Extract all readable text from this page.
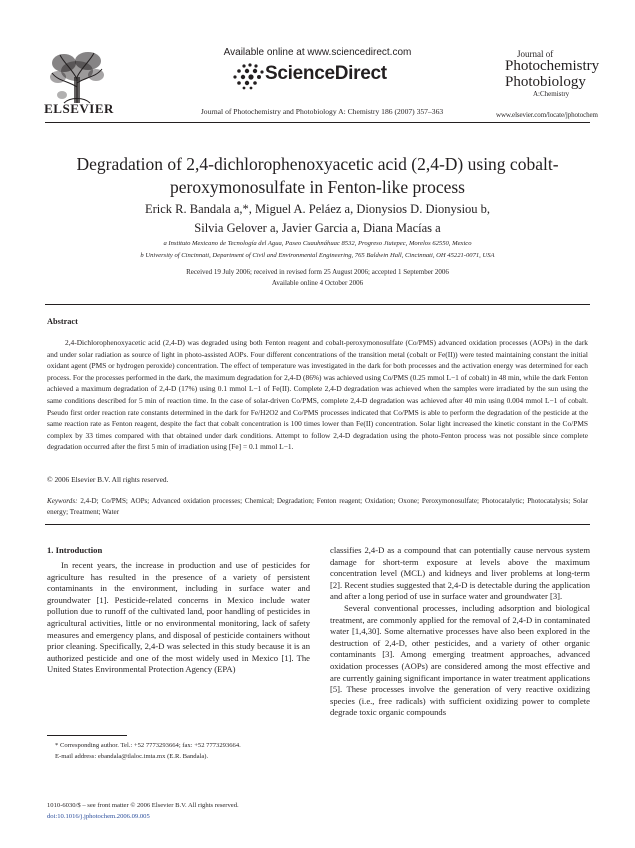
ELSEVIER
Available online at www.sciencedirect.com
ScienceDirect
Journal of Photochemistry and Photobiology A: Chemistry 186 (2007) 357–363
Journal of
Photochemistry
Photobiology
A:Chemistry
www.elsevier.com/locate/jphotochem
Degradation of 2,4-dichlorophenoxyacetic acid (2,4-D) using cobalt-peroxymonosulfate in Fenton-like process
Erick R. Bandala a,*, Miguel A. Peláez a, Dionysios D. Dionysiou b,
Silvia Gelover a, Javier Garcia a, Diana Macías a
a Instituto Mexicano de Tecnología del Agua, Paseo Cuauhnáhuac 8532, Progreso Jiutepec, Morelos 62550, Mexico
b University of Cincinnati, Department of Civil and Environmental Engineering, 765 Baldwin Hall, Cincinnati, OH 45221-0071, USA
Received 19 July 2006; received in revised form 25 August 2006; accepted 1 September 2006
Available online 4 October 2006
Abstract
2,4-Dichlorophenoxyacetic acid (2,4-D) was degraded using both Fenton reagent and cobalt-peroxymonosulfate (Co/PMS) advanced oxidation processes (AOPs) in the dark and under solar radiation as source of light in photo-assisted AOPs. Four different concentrations of the transition metal (cobalt or Fe(II)) were tested maintaining constant the initial oxidant agent (PMS or hydrogen peroxide) concentration. The effect of temperature was investigated in the dark for both processes and the activation energy was determined for each process. For the processes performed in the dark, the maximum degradation for 2,4-D (86%) was achieved using Co/PMS (0.25 mmol L−1 of cobalt) in 48 min, while the dark Fenton achieved a maximum degradation of 2,4-D (17%) using 0.1 mmol L−1 of Fe(II). Complete 2,4-D degradation was achieved when the samples were irradiated by the sun using the same conditions described for 5 min of reaction time. In the case of solar-driven Co/PMS, complete 2,4-D degradation was achieved after 40 min using 0.004 mmol L−1 of cobalt. Pseudo first order reaction rate constants determined in the dark for Fe/H2O2 and Co/PMS processes indicated that Co/PMS is able to perform the degradation of the pesticide at the same reaction rate as Fenton reagent, despite the fact that cobalt concentration is 100 times lower than Fe(II) concentration. Solar light increased the kinetic constant in the Co/PMS complex by 33 times compared with that obtained under dark conditions. Attempt to follow 2,4-D degradation using the photo-Fenton process was not possible since complete degradation occurred after the first 5 min of irradiation using [Fe] = 0.1 mmol L−1.
© 2006 Elsevier B.V. All rights reserved.
Keywords: 2,4-D; Co/PMS; AOPs; Advanced oxidation processes; Chemical; Degradation; Fenton reagent; Oxidation; Oxone; Peroxymonosulfate; Photocatalytic; Photocatalysis; Solar energy; Treatment; Water
1. Introduction

In recent years, the increase in production and use of pesticides for agriculture has resulted in the presence of a variety of persistent contaminants in the environment, including in surface water and groundwater [1]. Pesticide-related concerns in Mexico include water pollution due to runoff of the cultivated land, poor handling of pesticides in agricultural activities, little or no environmental monitoring, lack of safety measures and emergency plans, and disposal of pesticide containers without prior cleaning. Specifically, 2,4-D was selected in this study because it is an authorized pesticide and one of the most widely used in Mexico [1]. The United States Environmental Protection Agency (EPA)

classifies 2,4-D as a compound that can potentially cause nervous system damage for short-term exposure at levels above the maximum concentration level (MCL) and kidneys and liver problems at long-term [2]. Recent studies suggested that 2,4-D is detectable during the application and after a long period of use in surface water and groundwater [3].

Several conventional processes, including adsorption and biological treatment, are commonly applied for the removal of 2,4-D in contaminated water [1,4,30]. Some alternative processes have also been explored in the destruction of 2,4-D, other pesticides, and a variety of other organic contaminants [3]. Among emerging treatment approaches, advanced oxidation processes (AOPs) are considered among the most effective and are currently gaining significant importance in water treatment applications [5]. These processes involve the generation of very reactive oxidizing species (i.e., free radicals) with sufficient oxidizing power to complete degrade toxic organic compounds

* Corresponding author. Tel.: +52 7773293664; fax: +52 7773293664.
E-mail address: ebandala@tlaloc.imta.mx (E.R. Bandala).
1010-6030/$ – see front matter © 2006 Elsevier B.V. All rights reserved.
doi:10.1016/j.jphotochem.2006.09.005
